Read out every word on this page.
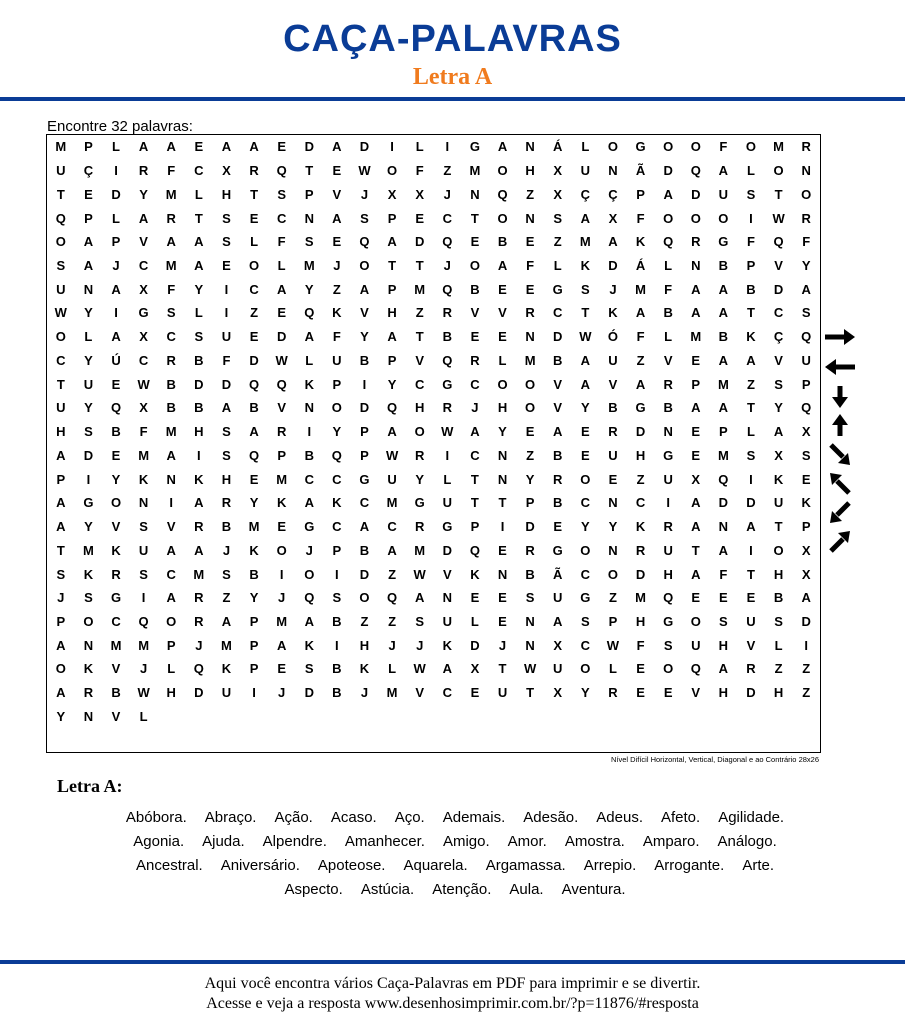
CAÇA-PALAVRAS
Letra A
Encontre 32 palavras:
M	P	L	A	A	E	A	A	E	D	A	D	I	L	I	G	A	N	Á	L	O	G	O	O	F	O	M	R
U	Ç	I	R	F	C	X	R	Q	T	E	W	O	F	Z	M	O	H	X	U	N	Ã	D	Q	A	L	O	N
T	E	D	Y	M	L	H	T	S	P	V	J	X	X	J	N	Q	Z	X	Ç	Ç	P	A	D	U	S	T	O
Q	P	L	A	R	T	S	E	C	N	A	S	P	E	C	T	O	N	S	A	X	F	O	O	O	I	W	R
O	A	P	V	A	A	S	L	F	S	E	Q	A	D	Q	E	B	E	Z	M	A	K	Q	R	G	F	Q	F
S	A	J	C	M	A	E	O	L	M	J	O	T	T	J	O	A	F	L	K	D	Á	L	N	B	P	V	Y
U	N	A	X	F	Y	I	C	A	Y	Z	A	P	M	Q	B	E	E	G	S	J	M	F	A	A	B	D	A
W	Y	I	G	S	L	I	Z	E	Q	K	V	H	Z	R	V	V	R	C	T	K	A	B	A	A	T	C	S
O	L	A	X	C	S	U	E	D	A	F	Y	A	T	B	E	E	N	D	W	Ó	F	L	M	B	K	Ç	Q
C	Y	Ú	C	R	B	F	D	W	L	U	B	P	V	Q	R	L	M	B	A	U	Z	V	E	A	A	V	U
T	U	E	W	B	D	D	Q	Q	K	P	I	Y	C	G	C	O	O	V	A	V	A	R	P	M	Z	S	P
U	Y	Q	X	B	B	A	B	V	N	O	D	Q	H	R	J	H	O	V	Y	B	G	B	A	A	T	Y	Q
H	S	B	F	M	H	S	A	R	I	Y	P	A	O	W	A	Y	E	A	E	R	D	N	E	P	L	A	X
A	D	E	M	A	I	S	Q	P	B	Q	P	W	R	I	C	N	Z	B	E	U	H	G	E	M	S	X	S
P	I	Y	K	N	K	H	E	M	C	C	G	U	Y	L	T	N	Y	R	O	E	Z	U	X	Q	I	K	E
A	G	O	N	I	A	R	Y	K	A	K	C	M	G	U	T	T	P	B	C	N	C	I	A	D	D	U	K
A	Y	V	S	V	R	B	M	E	G	C	A	C	R	G	P	I	D	E	Y	Y	K	R	A	N	A	T	P
T	M	K	U	A	A	J	K	O	J	P	B	A	M	D	Q	E	R	G	O	N	R	U	T	A	I	O	X
S	K	R	S	C	M	S	B	I	O	I	D	Z	W	V	K	N	B	Ã	C	O	D	H	A	F	T	H	X
J	S	G	I	A	R	Z	Y	J	Q	S	O	Q	A	N	E	E	S	U	G	Z	M	Q	E	E	E	B	A
P	O	C	Q	O	R	A	P	M	A	B	Z	Z	S	U	L	E	N	A	S	P	H	G	O	S	U	S	D
A	N	M	M	P	J	M	P	A	K	I	H	J	J	K	D	J	N	X	C	W	F	S	U	H	V	L	I
O	K	V	J	L	Q	K	P	E	S	B	K	L	W	A	X	T	W	U	O	L	E	O	Q	A	R	Z	Z
A	R	B	W	H	D	U	I	J	D	B	J	M	V	C	E	U	T	X	Y	R	E	E	V	H	D	H	Z
Y	N	V	L
Nível Difícil Horizontal, Vertical, Diagonal e ao Contrário 28x26
Letra A:
Abóbora. Abraço. Ação. Acaso. Aço. Ademais. Adesão. Adeus. Afeto. Agilidade.
Agonia. Ajuda. Alpendre. Amanhecer. Amigo. Amor. Amostra. Amparo. Análogo.
Ancestral. Aniversário. Apoteose. Aquarela. Argamassa. Arrepio. Arrogante. Arte.
Aspecto. Astúcia. Atenção. Aula. Aventura.
Aqui você encontra vários Caça-Palavras em PDF para imprimir e se divertir.
Acesse e veja a resposta www.desenhosimprimir.com.br/?p=11876/#resposta
